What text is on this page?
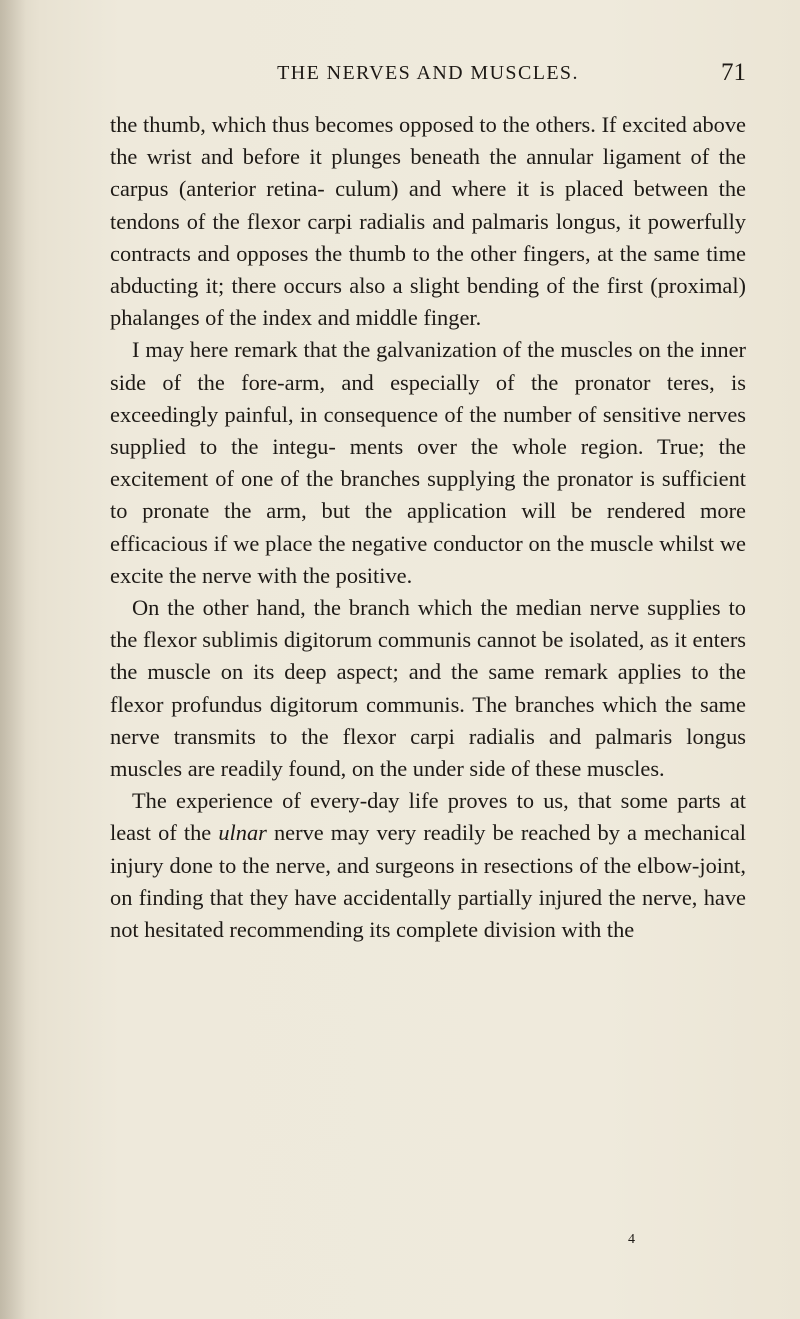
THE NERVES AND MUSCLES.	71

the thumb, which thus becomes opposed to the others. If excited above the wrist and before it plunges beneath the annular ligament of the carpus (anterior retina- culum) and where it is placed between the tendons of the flexor carpi radialis and palmaris longus, it powerfully contracts and opposes the thumb to the other fingers, at the same time abducting it; there occurs also a slight bending of the first (proximal) phalanges of the index and middle finger.

I may here remark that the galvanization of the muscles on the inner side of the fore-arm, and especially of the pronator teres, is exceedingly painful, in consequence of the number of sensitive nerves supplied to the integu- ments over the whole region. True; the excitement of one of the branches supplying the pronator is sufficient to pronate the arm, but the application will be rendered more efficacious if we place the negative conductor on the muscle whilst we excite the nerve with the positive.

On the other hand, the branch which the median nerve supplies to the flexor sublimis digitorum communis cannot be isolated, as it enters the muscle on its deep aspect; and the same remark applies to the flexor profundus digitorum communis. The branches which the same nerve transmits to the flexor carpi radialis and palmaris longus muscles are readily found, on the under side of these muscles.

The experience of every-day life proves to us, that some parts at least of the ulnar nerve may very readily be reached by a mechanical injury done to the nerve, and surgeons in resections of the elbow-joint, on finding that they have accidentally partially injured the nerve, have not hesitated recommending its complete division with the

4
